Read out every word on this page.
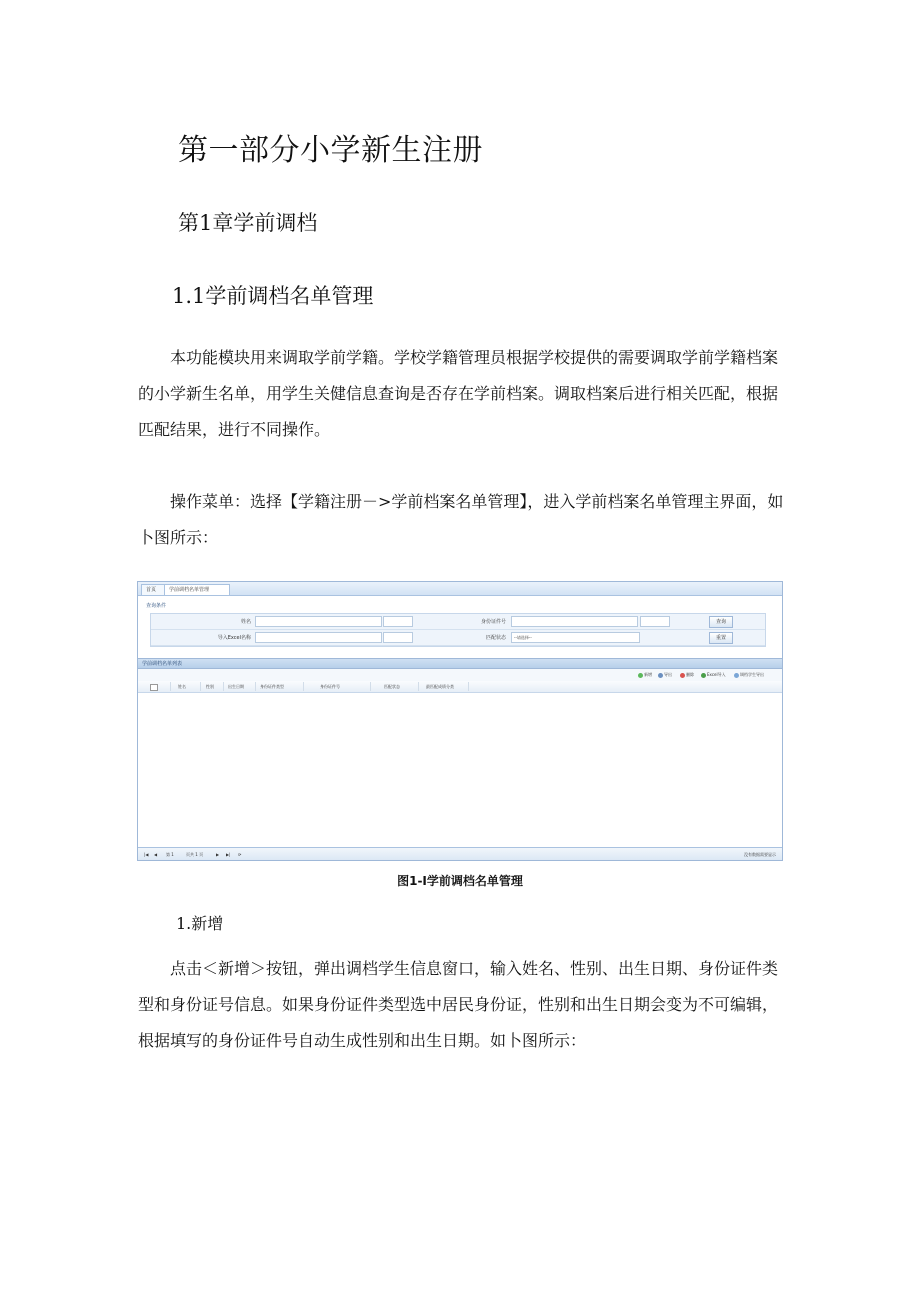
第一部分小学新生注册
第1章学前调档
1.1学前调档名单管理

本功能模块用来调取学前学籍。学校学籍管理员根据学校提供的需要调取学前学籍档案的小学新生名单，用学生关健信息查询是否存在学前档案。调取档案后进行相关匹配，根据匹配结果，进行不同操作。

操作菜单：选择【学籍注册－>学前档案名单管理】，进入学前档案名单管理主界面，如卜图所示：

首页	学前调档名单管理
查询条件
姓名	身份证件号	查询
导入Excel名称	匹配状态	--请选择--	重置
学前调档名单列表
新增	导出	删除	Excel导入	调档学生导出
姓名	性别	出生日期	身份证件类型	身份证件号	匹配状态	最匹配成绩分类
|◀ ◀ 第 1	页共 1 页	▶ ▶| ⟳	没有数据需要显示
图1-I学前调档名单管理
1.新增

点击＜新增＞按钮，弹出调档学生信息窗口，输入姓名、性别、出生日期、身份证件类型和身份证号信息。如果身份证件类型选中居民身份证，性别和出生日期会变为不可编辑，根据填写的身份证件号自动生成性别和出生日期。如卜图所示：
